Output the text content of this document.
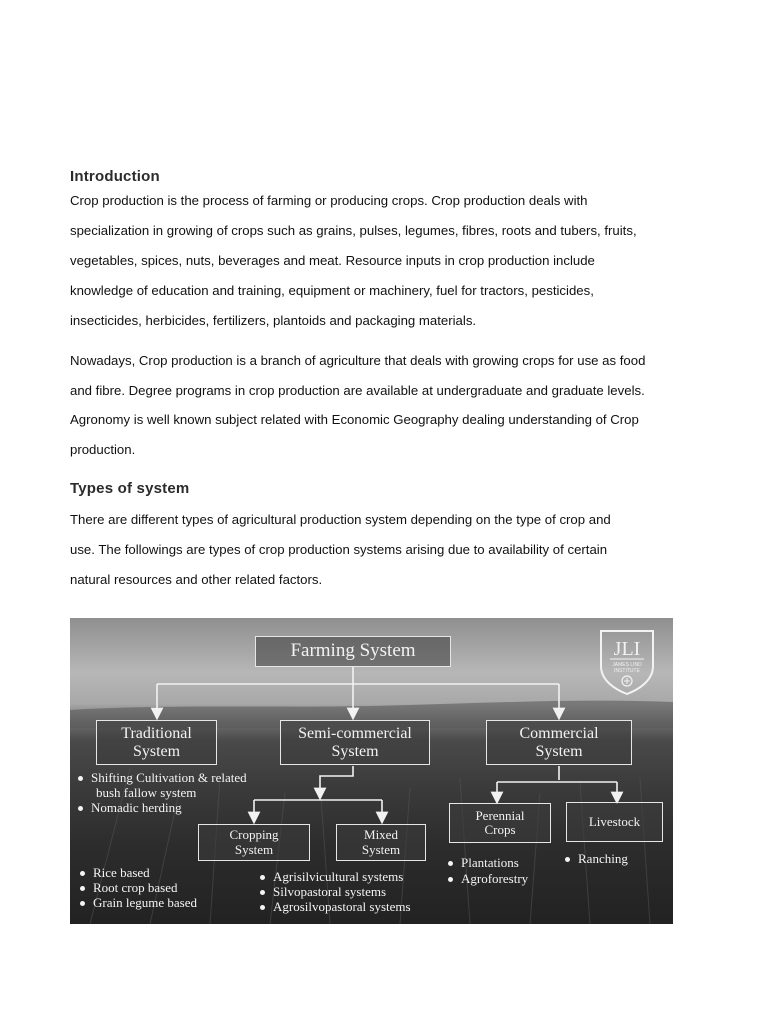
Introduction
Crop production is the process of farming or producing crops. Crop production deals with
specialization in growing of crops such as grains, pulses, legumes, fibres, roots and tubers, fruits,
vegetables, spices, nuts, beverages and meat. Resource inputs in crop production include
knowledge of education and training, equipment or machinery, fuel for tractors, pesticides,
insecticides, herbicides, fertilizers, plantoids and packaging materials.
Nowadays, Crop production is a branch of agriculture that deals with growing crops for use as food
and fibre. Degree programs in crop production are available at undergraduate and graduate levels.
Agronomy is well known subject related with Economic Geography dealing understanding of Crop
production.
Types of system
There are different types of agricultural production system depending on the type of crop and
use. The followings are types of crop production systems arising due to availability of certain
natural resources and other related factors.
Farming System
Traditional
System
Semi-commercial
System
Commercial
System
Cropping
System
Mixed
System
Perennial
Crops
Livestock
Shifting Cultivation & related
bush fallow system
Nomadic herding
Rice based
Root crop based
Grain legume based
Agrisilvicultural systems
Silvopastoral systems
Agrosilvopastoral systems
Plantations
Agroforestry
Ranching
JLI
JAMES LIND
INSTITUTE
